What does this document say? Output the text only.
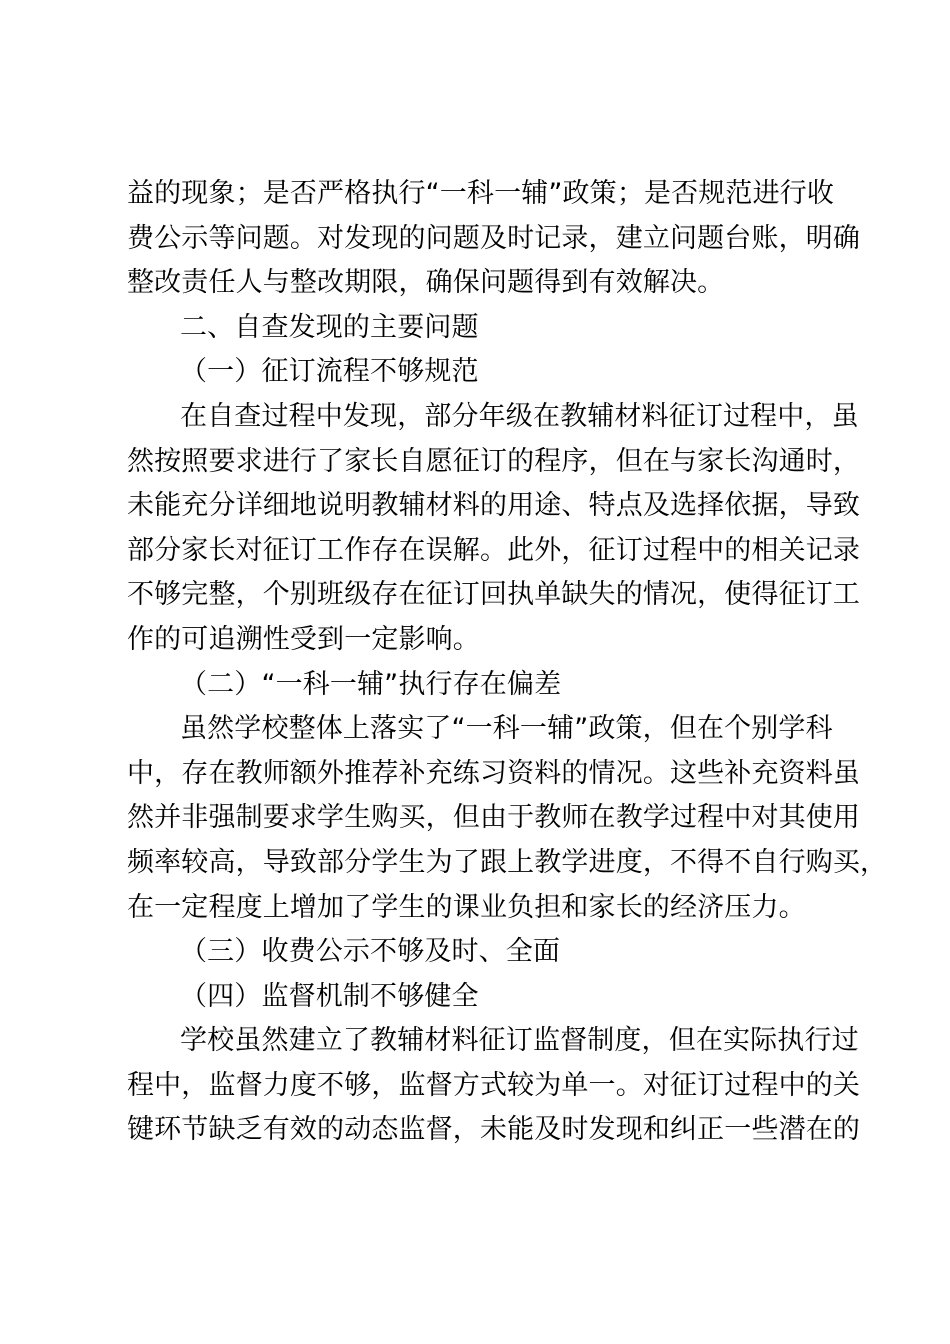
益的现象；是否严格执行“一科一辅”政策；是否规范进行收
费公示等问题。对发现的问题及时记录，建立问题台账，明确
整改责任人与整改期限，确保问题得到有效解决。
二、自查发现的主要问题
（一）征订流程不够规范
在自查过程中发现，部分年级在教辅材料征订过程中，虽
然按照要求进行了家长自愿征订的程序，但在与家长沟通时，
未能充分详细地说明教辅材料的用途、特点及选择依据，导致
部分家长对征订工作存在误解。此外，征订过程中的相关记录
不够完整，个别班级存在征订回执单缺失的情况，使得征订工
作的可追溯性受到一定影响。
（二）“一科一辅”执行存在偏差
虽然学校整体上落实了“一科一辅”政策，但在个别学科
中，存在教师额外推荐补充练习资料的情况。这些补充资料虽
然并非强制要求学生购买，但由于教师在教学过程中对其使用
频率较高，导致部分学生为了跟上教学进度，不得不自行购买，
在一定程度上增加了学生的课业负担和家长的经济压力。
（三）收费公示不够及时、全面
（四）监督机制不够健全
学校虽然建立了教辅材料征订监督制度，但在实际执行过
程中，监督力度不够，监督方式较为单一。对征订过程中的关
键环节缺乏有效的动态监督，未能及时发现和纠正一些潜在的
